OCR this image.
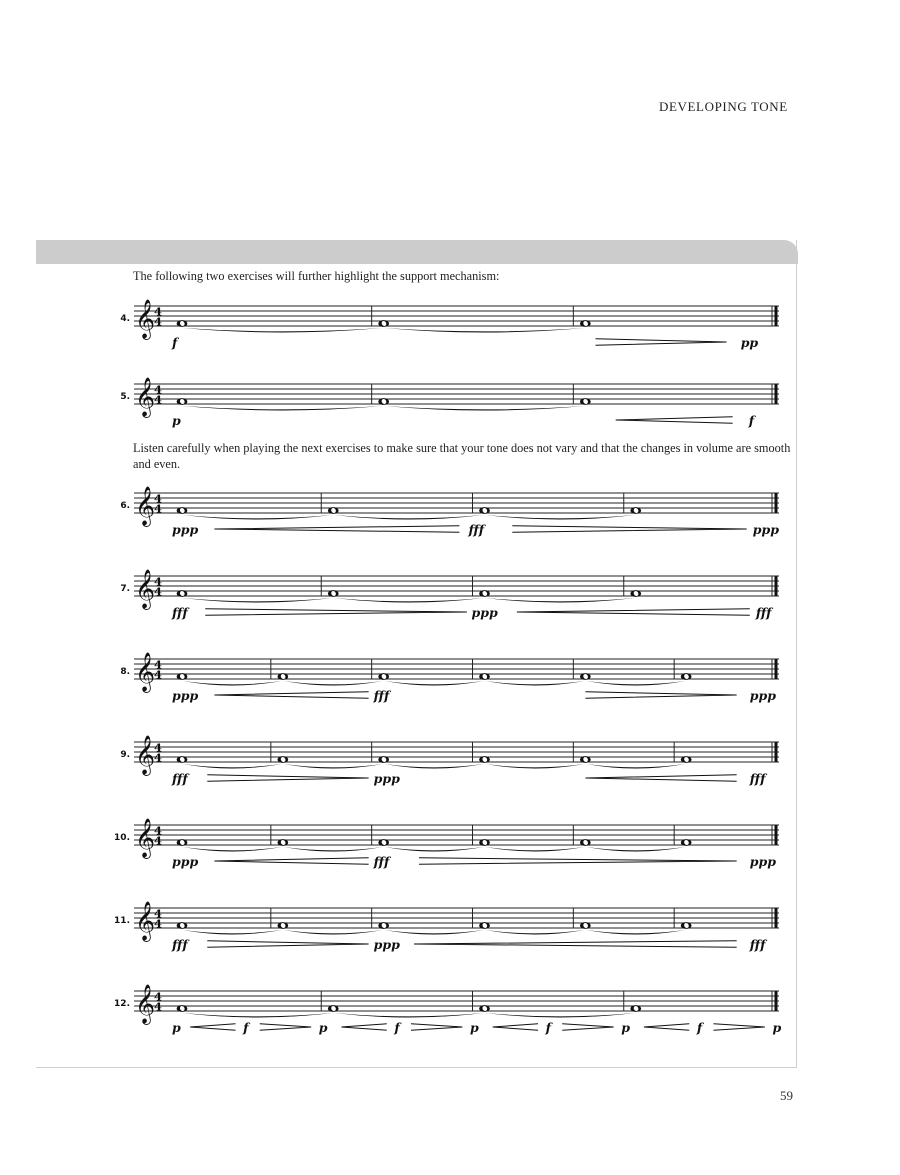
DEVELOPING TONE

The following two exercises will further highlight the support mechanism:

Listen carefully when playing the next exercises to make sure that your tone does not vary and that the changes in volume are smooth and even.

4. 𝄞
4
4
f	pp
5. 𝄞
4
4
p	f
6. 𝄞
4
4
ppp	fff	ppp
7. 𝄞
4
4
fff	ppp	fff
8. 𝄞
4
4
ppp	fff	ppp
9. 𝄞
4
4
fff	ppp	fff
10. 𝄞
4
4
ppp	fff	ppp
11. 𝄞
4
4
fff	ppp	fff
12. 𝄞
4
4
p	f	p	f	p	f	p	f	p
59
